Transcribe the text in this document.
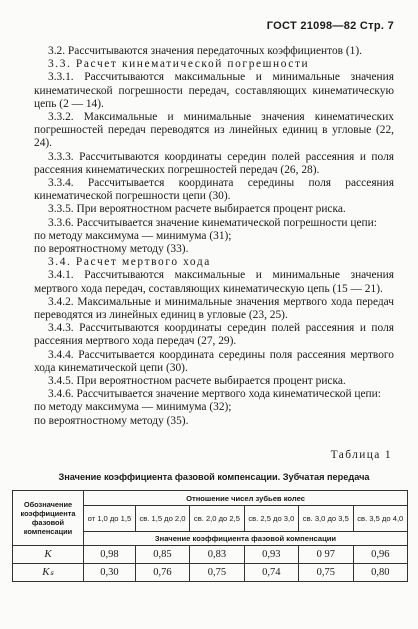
ГОСТ 21098—82 Стр. 7

3.2. Рассчитываются значения передаточных коэффициентов (1).

3.3. Расчет кинематической погрешности

3.3.1. Рассчитываются максимальные и минимальные значения кинематической погрешности передач, составляющих кинематическую цепь (2 — 14).

3.3.2. Максимальные и минимальные значения кинематических погрешностей передач переводятся из линейных единиц в угловые (22, 24).

3.3.3. Рассчитываются координаты середин полей рассеяния и поля рассеяния кинематических погрешностей передач (26, 28).

3.3.4. Рассчитывается координата середины поля рассеяния кинематической погрешности цепи (30).

3.3.5. При вероятностном расчете выбирается процент риска.

3.3.6. Рассчитывается значение кинематической погрешности цепи:

по методу максимума — минимума (31);

по вероятностному методу (33).

3.4. Расчет мертвого хода

3.4.1. Рассчитываются максимальные и минимальные значения мертвого хода передач, составляющих кинематическую цепь (15 — 21).

3.4.2. Максимальные и минимальные значения мертвого хода передач переводятся из линейных единиц в угловые (23, 25).

3.4.3. Рассчитываются координаты середин полей рассеяния и поля рассеяния мертвого хода передач (27, 29).

3.4.4. Рассчитывается координата середины поля рассеяния мертвого хода кинематической цепи (30).

3.4.5. При вероятностном расчете выбирается процент риска.

3.4.6. Рассчитывается значение мертвого хода кинематической цепи:

по методу максимума — минимума (32);

по вероятностному методу (35).

Таблица 1
Значение коэффициента фазовой компенсации. Зубчатая передача
Обозначение коэффициента фазовой компенсации	Отношение чисел зубьев колес					
	от 1,0 до 1,5	св. 1,5 до 2,0	св. 2,0 до 2,5	св. 2,5 до 3,0	св. 3,0 до 3,5	св. 3,5 до 4,0
	Значение коэффициента фазовой компенсации					
K	0,98	0,85	0,83	0,93	0 97	0,96
Kₛ	0,30	0,76	0,75	0,74	0,75	0,80
